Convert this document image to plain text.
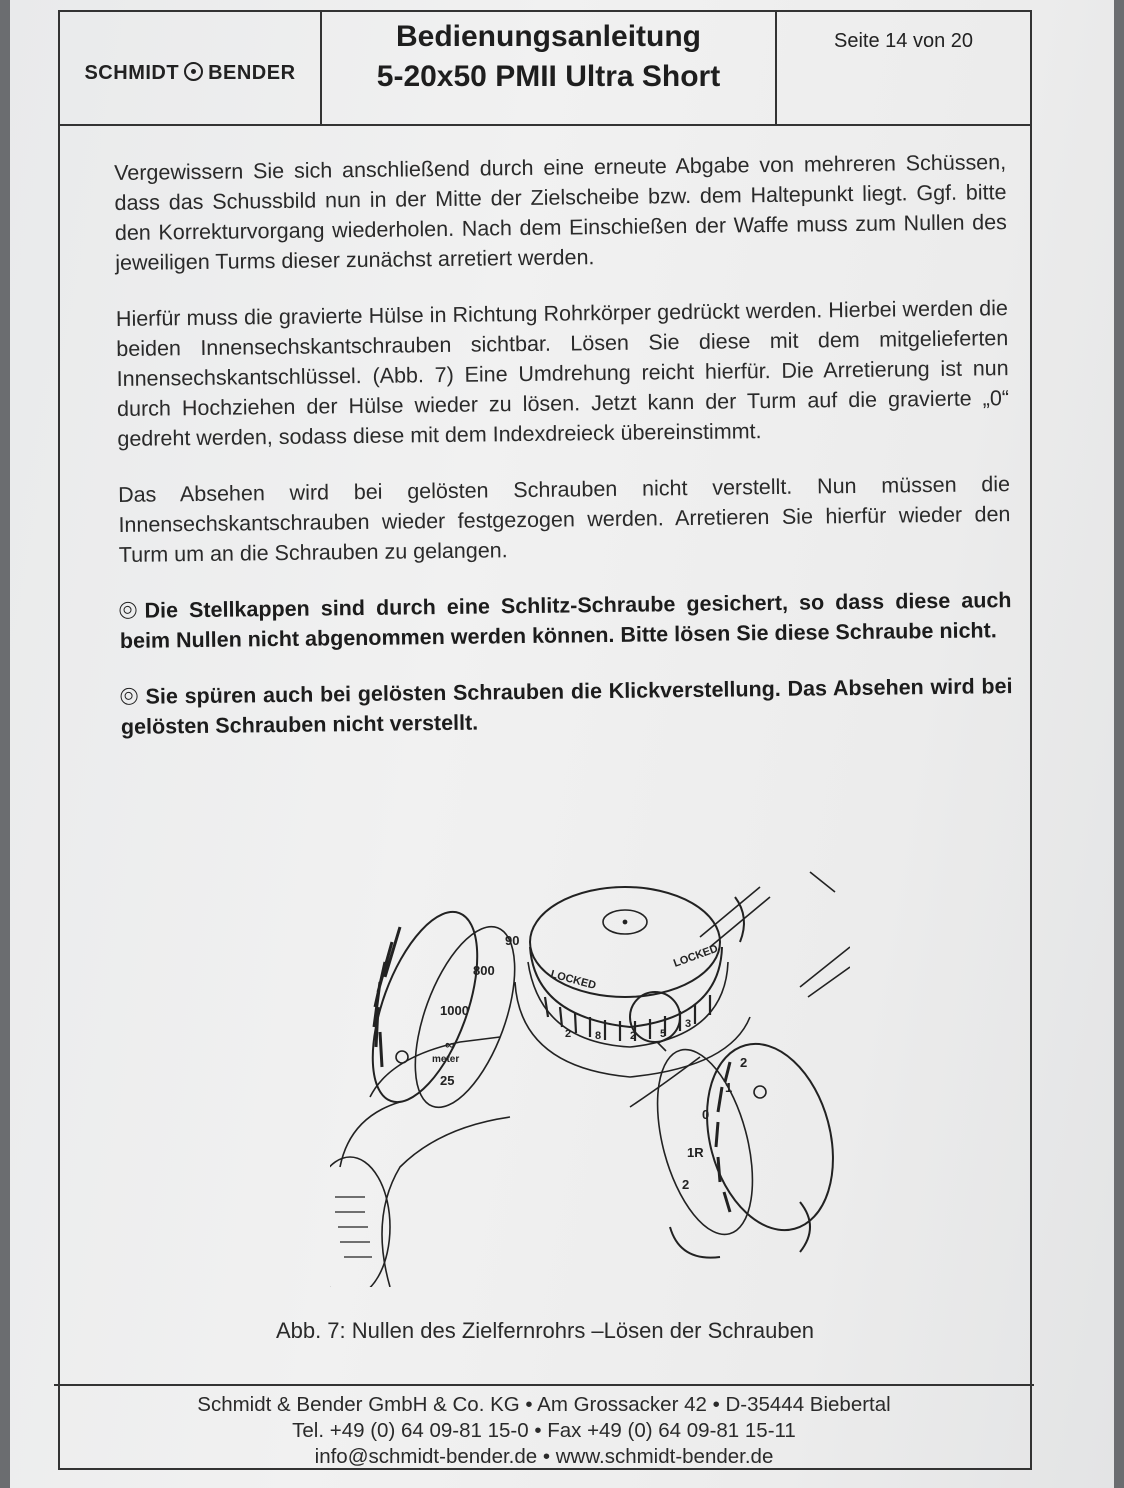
SCHMIDT BENDER
Bedienungsanleitung
5-20x50 PMII Ultra Short
Seite 14 von 20

Vergewissern Sie sich anschließend durch eine erneute Abgabe von mehreren Schüssen, dass das Schussbild nun in der Mitte der Zielscheibe bzw. dem Haltepunkt liegt. Ggf. bitte den Korrekturvorgang wiederholen. Nach dem Einschießen der Waffe muss zum Nullen des jeweiligen Turms dieser zunächst arretiert werden.

Hierfür muss die gravierte Hülse in Richtung Rohrkörper gedrückt werden. Hierbei werden die beiden Innensechskantschrauben sichtbar. Lösen Sie diese mit dem mitgelieferten Innensechskantschlüssel. (Abb. 7) Eine Umdrehung reicht hierfür. Die Arretierung ist nun durch Hochziehen der Hülse wieder zu lösen. Jetzt kann der Turm auf die gravierte „0“ gedreht werden, sodass diese mit dem Indexdreieck übereinstimmt.

Das Absehen wird bei gelösten Schrauben nicht verstellt. Nun müssen die Innensechskantschrauben wieder festgezogen werden. Arretieren Sie hierfür wieder den Turm um an die Schrauben zu gelangen.

Die Stellkappen sind durch eine Schlitz-Schraube gesichert, so dass diese auch beim Nullen nicht abgenommen werden können. Bitte lösen Sie diese Schraube nicht.

Sie spüren auch bei gelösten Schrauben die Klickverstellung. Das Absehen wird bei gelösten Schrauben nicht verstellt.

90
800
1000
∞
meter
25
LOCKED
LOCKED
2 8	2 5
3
2
1
0
1R
2
Abb. 7: Nullen des Zielfernrohrs –Lösen der Schrauben
Schmidt & Bender GmbH & Co. KG • Am Grossacker 42 • D-35444 Biebertal
Tel. +49 (0) 64 09-81 15-0 • Fax +49 (0) 64 09-81 15-11
info@schmidt-bender.de • www.schmidt-bender.de
